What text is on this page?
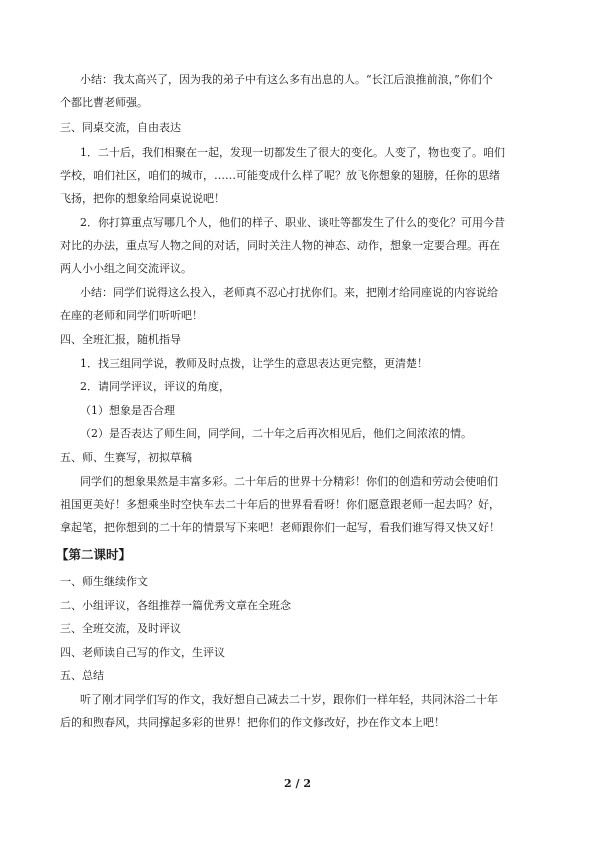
小结：我太高兴了，因为我的弟子中有这么多有出息的人。“长江后浪推前浪，”你们个
个都比曹老师强。
三、同桌交流，自由表达
1．二十后，我们相聚在一起，发现一切都发生了很大的变化。人变了，物也变了。咱们
学校，咱们社区，咱们的城市，……可能变成什么样了呢？放飞你想象的翅膀，任你的思绪
飞扬，把你的想象给同桌说说吧！
2．你打算重点写哪几个人，他们的样子、职业、谈吐等都发生了什么的变化？可用今昔
对比的办法，重点写人物之间的对话，同时关注人物的神态、动作，想象一定要合理。再在
两人小小组之间交流评议。
小结：同学们说得这么投入，老师真不忍心打扰你们。来，把刚才给同座说的内容说给
在座的老师和同学们听听吧！
四、全班汇报，随机指导
1．找三组同学说，教师及时点拨，让学生的意思表达更完整，更清楚！
2．请同学评议，评议的角度，
（1）想象是否合理
（2）是否表达了师生间，同学间，二十年之后再次相见后，他们之间浓浓的情。
五、师、生赛写，初拟草稿
同学们的想象果然是丰富多彩。二十年后的世界十分精彩！你们的创造和劳动会使咱们
祖国更美好！多想乘坐时空快车去二十年后的世界看看呀！你们愿意跟老师一起去吗？好，
拿起笔，把你想到的二十年的情景写下来吧！老师跟你们一起写，看我们谁写得又快又好！
【第二课时】
一、师生继续作文
二、小组评议，各组推荐一篇优秀文章在全班念
三、全班交流，及时评议
四、老师读自己写的作文，生评议
五、总结
听了刚才同学们写的作文，我好想自己减去二十岁，跟你们一样年轻，共同沐浴二十年
后的和煦春风，共同撑起多彩的世界！把你们的作文修改好，抄在作文本上吧！
2 / 2
